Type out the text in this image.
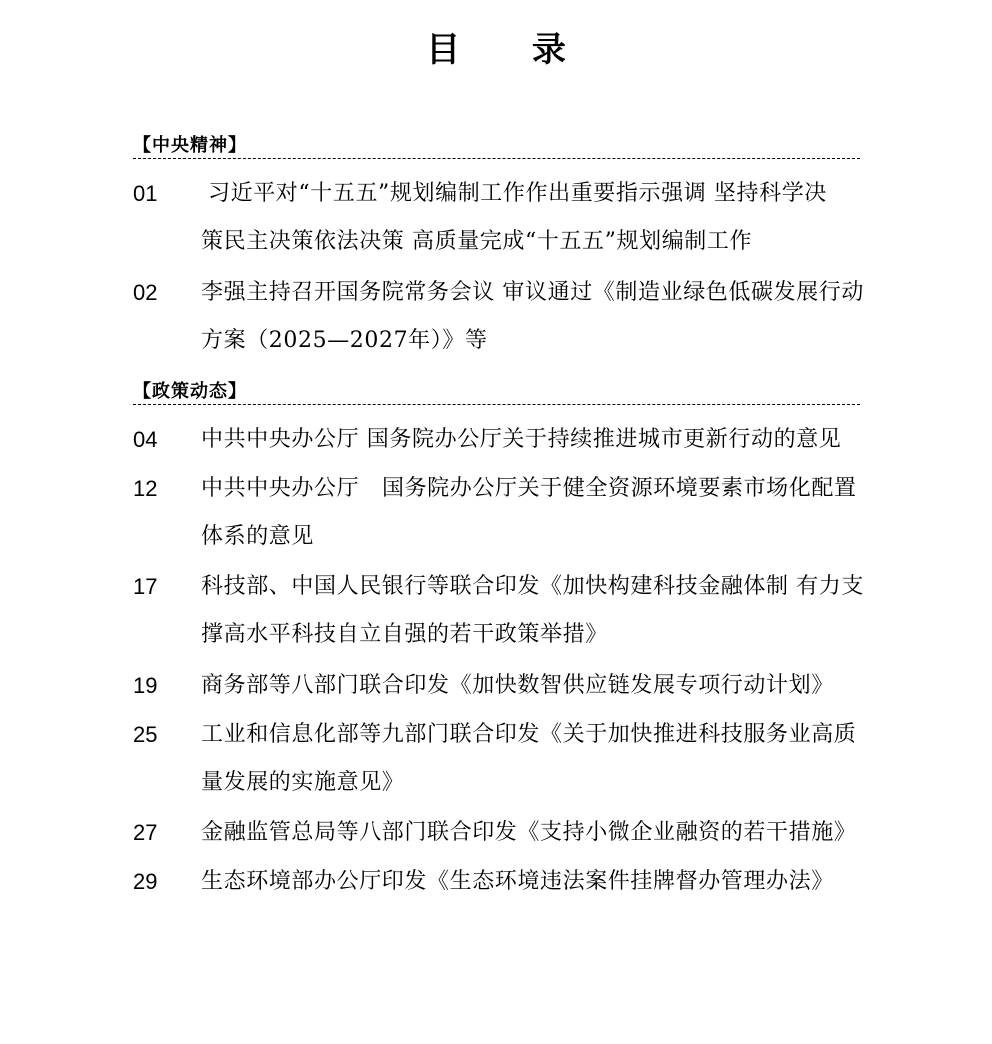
目 录
【中央精神】
01 习近平对“十五五”规划编制工作作出重要指示强调 坚持科学决
策民主决策依法决策 高质量完成“十五五”规划编制工作
02 李强主持召开国务院常务会议 审议通过《制造业绿色低碳发展行动
方案（2025—2027年）》等
【政策动态】
04 中共中央办公厅 国务院办公厅关于持续推进城市更新行动的意见
12 中共中央办公厅   国务院办公厅关于健全资源环境要素市场化配置
体系的意见
17 科技部、中国人民银行等联合印发《加快构建科技金融体制 有力支
撑高水平科技自立自强的若干政策举措》
19 商务部等八部门联合印发《加快数智供应链发展专项行动计划》
25 工业和信息化部等九部门联合印发《关于加快推进科技服务业高质
量发展的实施意见》
27 金融监管总局等八部门联合印发《支持小微企业融资的若干措施》
29 生态环境部办公厅印发《生态环境违法案件挂牌督办管理办法》
